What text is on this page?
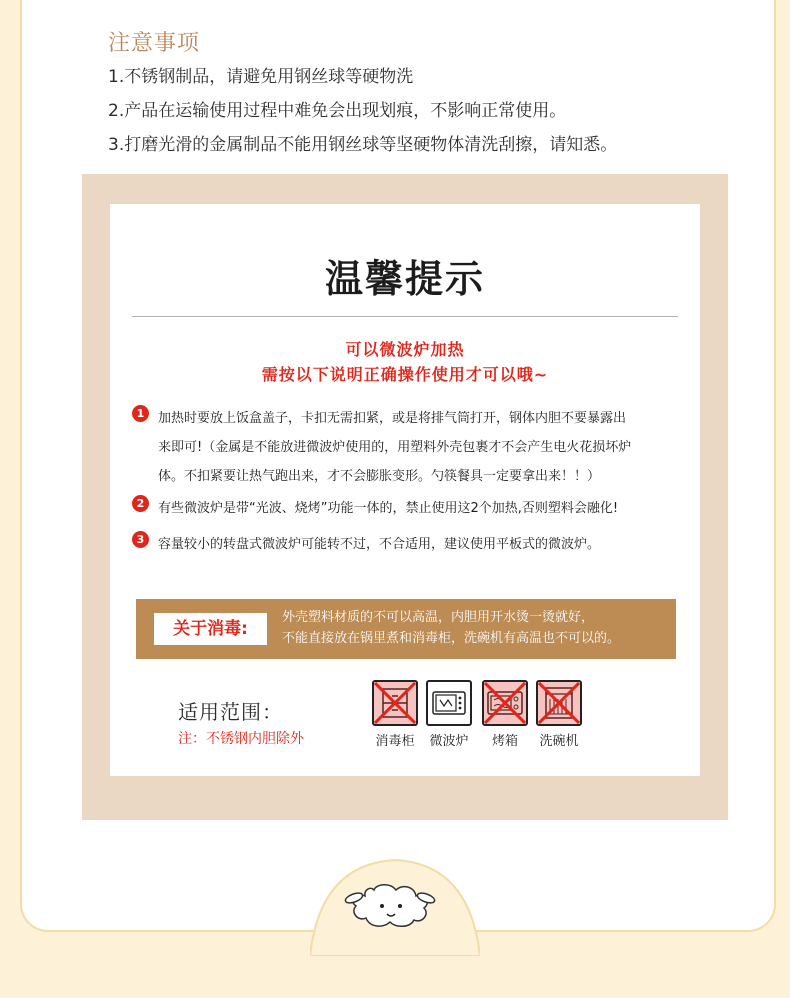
注意事项
1.不锈钢制品，请避免用钢丝球等硬物洗
2.产品在运输使用过程中难免会出现划痕，不影响正常使用。
3.打磨光滑的金属制品不能用钢丝球等坚硬物体清洗刮擦，请知悉。
温馨提示
可以微波炉加热
需按以下说明正确操作使用才可以哦~
1	加热时要放上饭盒盖子，卡扣无需扣紧，或是将排气筒打开，钢体内胆不要暴露出
来即可!（金属是不能放进微波炉使用的，用塑料外壳包裹才不会产生电火花损坏炉
体。不扣紧要让热气跑出来，才不会膨胀变形。勺筷餐具一定要拿出来！！）
2	有些微波炉是带“光波、烧烤”功能一体的，禁止使用这2个加热,否则塑料会融化!
3	容量较小的转盘式微波炉可能转不过，不合适用，建议使用平板式的微波炉。
关于消毒:
外壳塑料材质的不可以高温，内胆用开水烫一烫就好，
不能直接放在锅里煮和消毒柜，洗碗机有高温也不可以的。
适用范围：
注：不锈钢内胆除外	消毒柜	微波炉	烤箱	洗碗机
